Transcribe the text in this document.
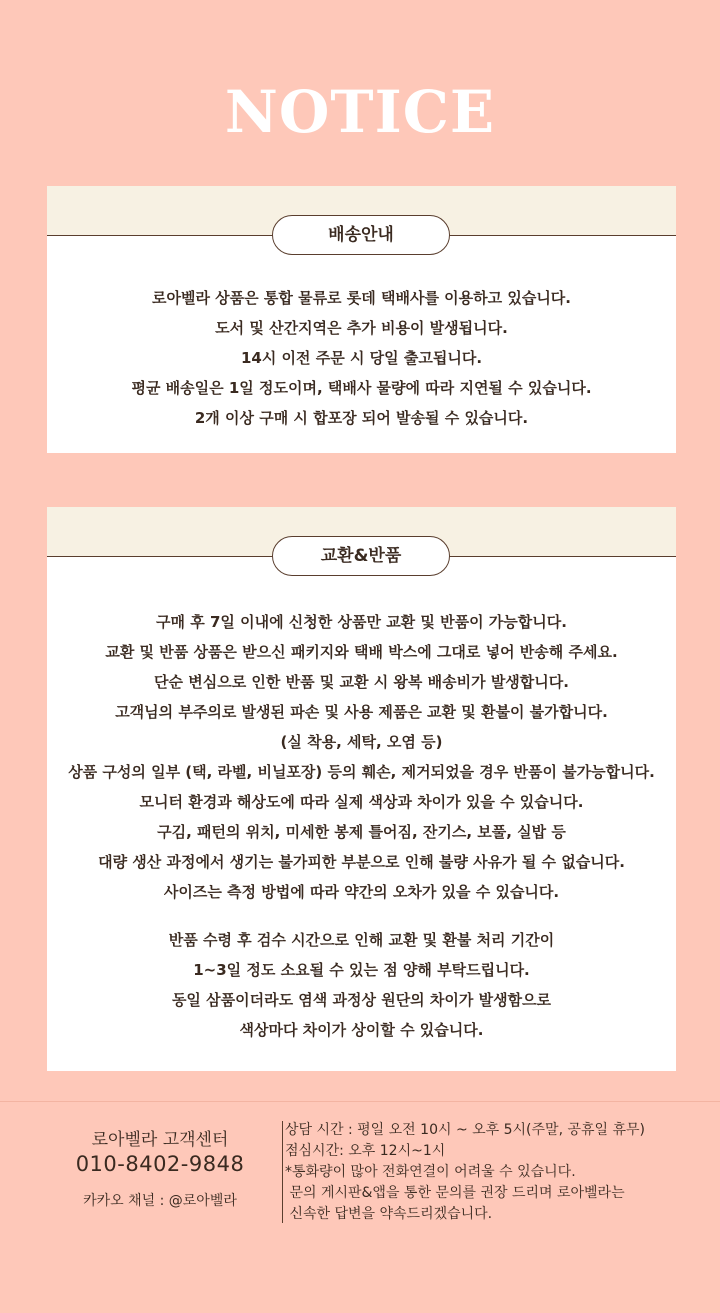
NOTICE
배송안내
로아벨라 상품은 통합 물류로 롯데 택배사를 이용하고 있습니다.
도서 및 산간지역은 추가 비용이 발생됩니다.
14시 이전 주문 시 당일 출고됩니다.
평균 배송일은 1일 정도이며, 택배사 물량에 따라 지연될 수 있습니다.
2개 이상 구매 시 합포장 되어 발송될 수 있습니다.
교환&반품
구매 후 7일 이내에 신청한 상품만 교환 및 반품이 가능합니다.
교환 및 반품 상품은 받으신 패키지와 택배 박스에 그대로 넣어 반송해 주세요.
단순 변심으로 인한 반품 및 교환 시 왕복 배송비가 발생합니다.
고객님의 부주의로 발생된 파손 및 사용 제품은 교환 및 환불이 불가합니다.
(실 착용, 세탁, 오염 등)
상품 구성의 일부 (택, 라벨, 비닐포장) 등의 훼손, 제거되었을 경우 반품이 불가능합니다.
모니터 환경과 해상도에 따라 실제 색상과 차이가 있을 수 있습니다.
구김, 패턴의 위치, 미세한 봉제 틀어짐, 잔기스, 보풀, 실밥 등
대량 생산 과정에서 생기는 불가피한 부분으로 인해 불량 사유가 될 수 없습니다.
사이즈는 측정 방법에 따라 약간의 오차가 있을 수 있습니다.
반품 수령 후 검수 시간으로 인해 교환 및 환불 처리 기간이
1~3일 정도 소요될 수 있는 점 양해 부탁드립니다.
동일 삼품이더라도 염색 과정상 원단의 차이가 발생함으로
색상마다 차이가 상이할 수 있습니다.
로아벨라 고객센터
010-8402-9848
카카오 채널 : @로아벨라
상담 시간 : 평일 오전 10시 ~ 오후 5시(주말, 공휴일 휴무)
점심시간: 오후 12시~1시
*통화량이 많아 전화연결이 어려울 수 있습니다.
문의 게시판&앱을 통한 문의를 권장 드리며 로아벨라는
신속한 답변을 약속드리겠습니다.
